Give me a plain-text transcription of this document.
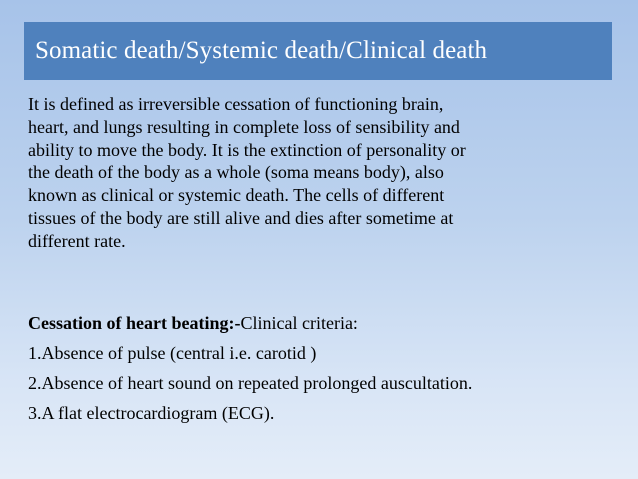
Somatic death/Systemic death/Clinical death

It is defined as irreversible cessation of functioning brain,
heart, and lungs resulting in complete loss of sensibility and
ability to move the body. It is the extinction of personality or
the death of the body as a whole (soma means body), also
known as clinical or systemic death. The cells of different
tissues of the body are still alive and dies after sometime at
different rate.

Cessation of heart beating:-Clinical criteria:
1.Absence of pulse (central i.e. carotid )
2.Absence of heart sound on repeated prolonged auscultation.
3.A flat electrocardiogram (ECG).
